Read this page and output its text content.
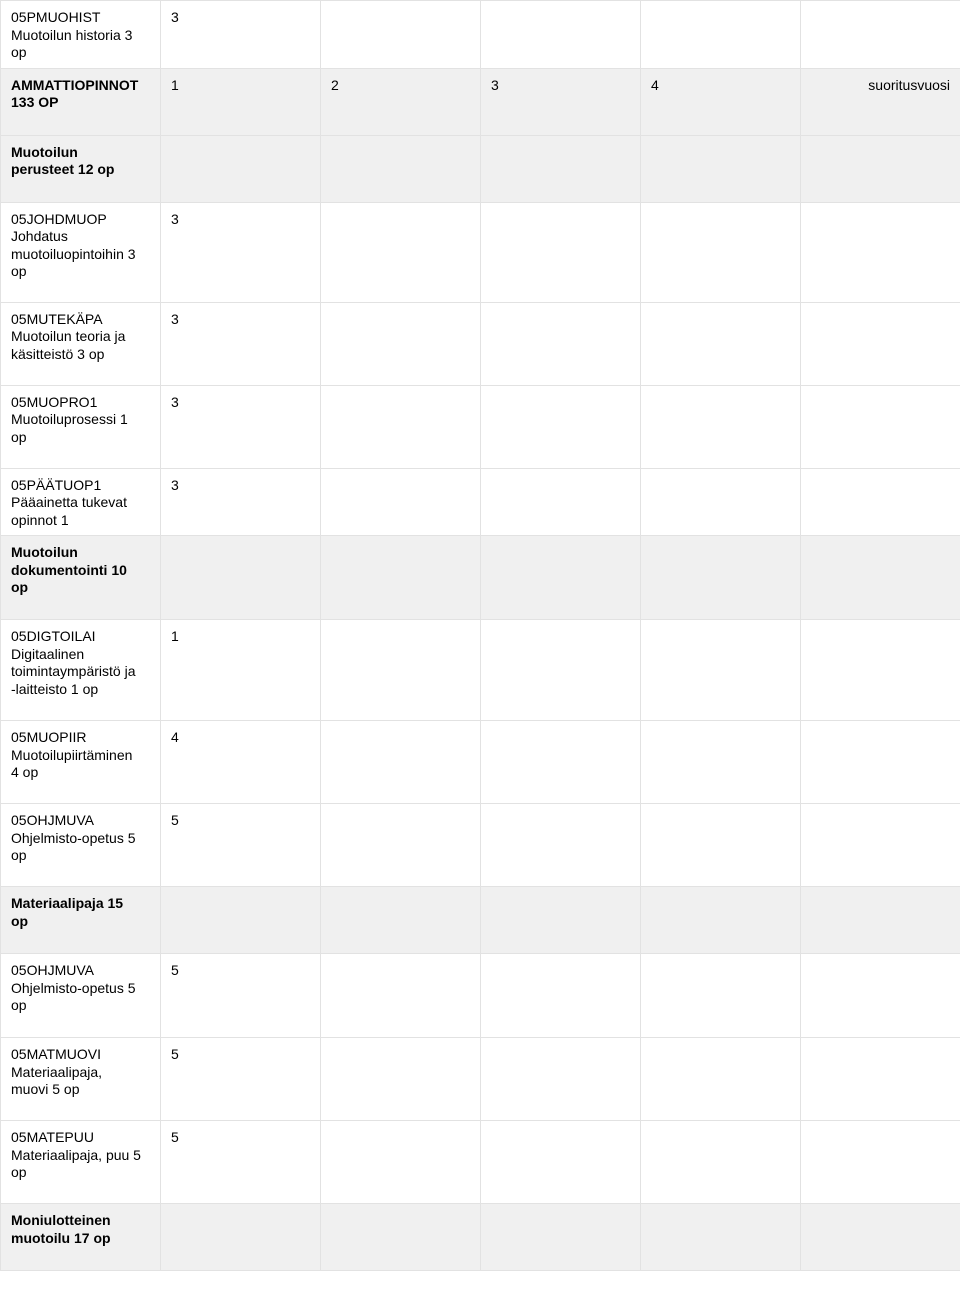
05PMUOHIST
Muotoilun historia 3
op	3				
AMMATTIOPINNOT
133 OP	1	2	3	4	suoritusvuosi
Muotoilun
perusteet 12 op					
05JOHDMUOP
Johdatus
muotoiluopintoihin 3
op	3				
05MUTEKÄPA
Muotoilun teoria ja
käsitteistö 3 op	3				
05MUOPRO1
Muotoiluprosessi 1
op	3				
05PÄÄTUOP1
Pääainetta tukevat
opinnot 1	3				
Muotoilun
dokumentointi 10
op					
05DIGTOILAI
Digitaalinen
toimintaympäristö ja
-laitteisto 1 op	1				
05MUOPIIR
Muotoilupiirtäminen
4 op	4				
05OHJMUVA
Ohjelmisto-opetus 5
op	5				
Materiaalipaja 15
op					
05OHJMUVA
Ohjelmisto-opetus 5
op	5				
05MATMUOVI
Materiaalipaja,
muovi 5 op	5				
05MATEPUU
Materiaalipaja, puu 5
op	5				
Moniulotteinen
muotoilu 17 op					
